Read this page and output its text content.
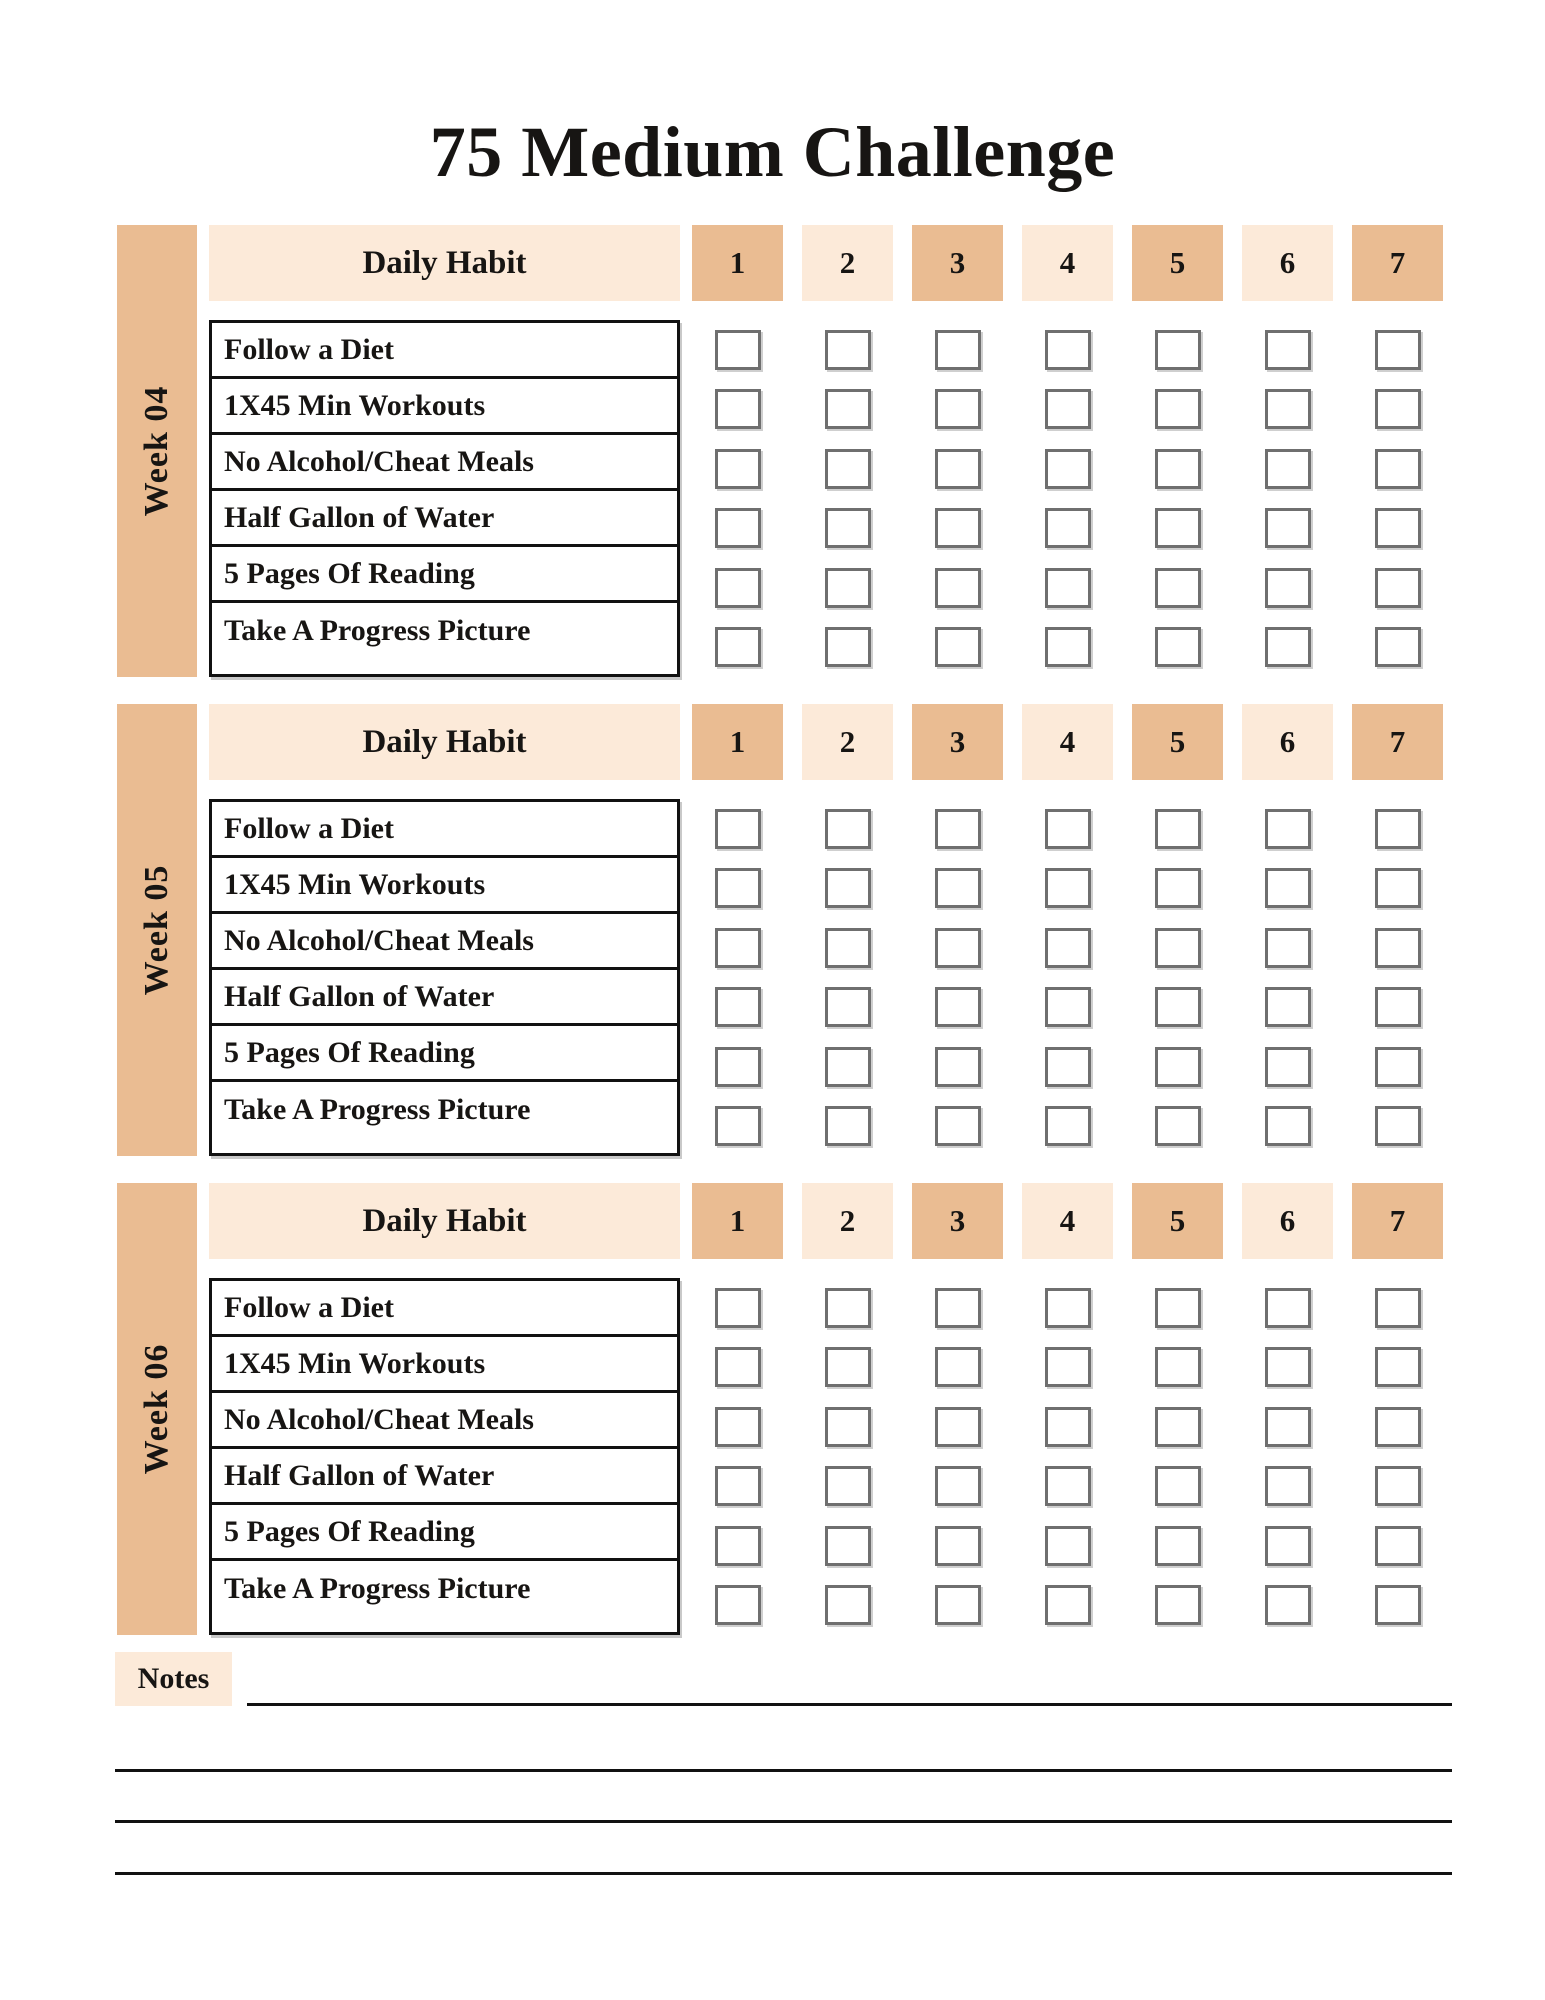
75 Medium Challenge
Week 04
Daily Habit	1	2	3	4	5	6	7
Follow a Diet
1X45 Min Workouts
No Alcohol/Cheat Meals
Half Gallon of Water
5 Pages Of Reading
Take A Progress Picture
Week 05
Daily Habit	1	2	3	4	5	6	7
Follow a Diet
1X45 Min Workouts
No Alcohol/Cheat Meals
Half Gallon of Water
5 Pages Of Reading
Take A Progress Picture
Week 06
Daily Habit	1	2	3	4	5	6	7
Follow a Diet
1X45 Min Workouts
No Alcohol/Cheat Meals
Half Gallon of Water
5 Pages Of Reading
Take A Progress Picture
Notes
